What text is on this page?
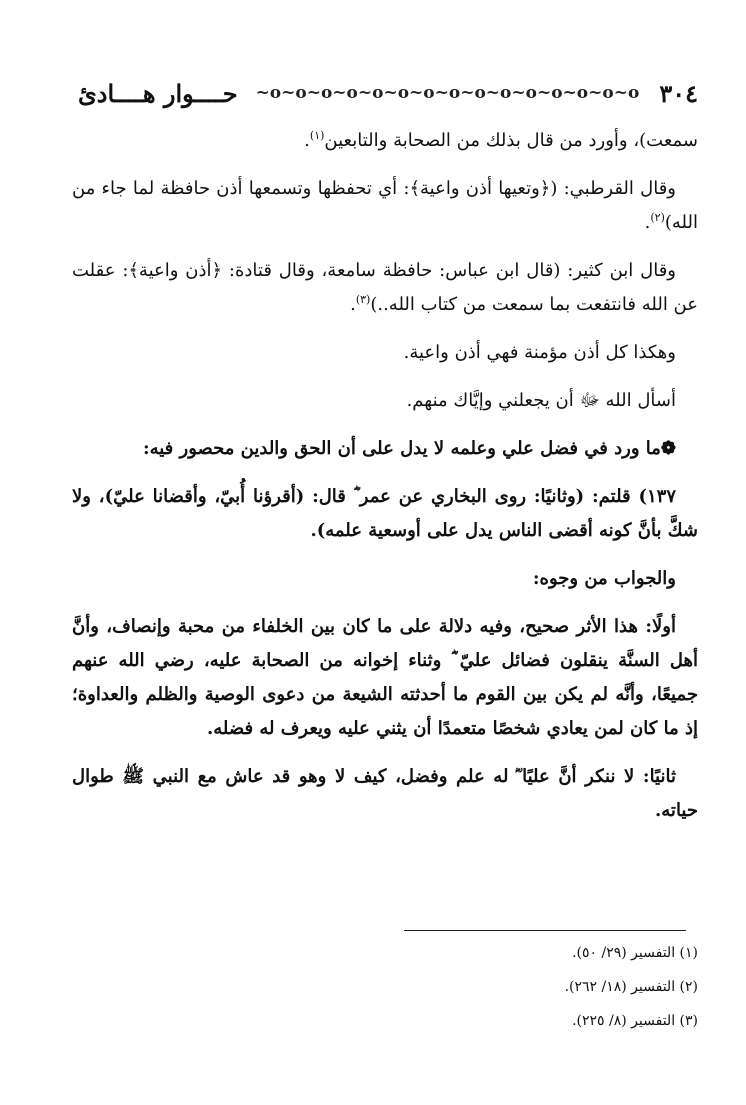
حــــوار هــــادئ	~o~o~o~o~o~o~o~o~o~o~o~o~o~o~o ٣٠٤

سمعت)، وأورد من قال بذلك من الصحابة والتابعين$^{(١)}$.

وقال القرطبي: (﴿وتعيها أذن واعية﴾: أي تحفظها وتسمعها أذن حافظة لما جاء من الله)$^{(٢)}$.

وقال ابن كثير: (قال ابن عباس: حافظة سامعة، وقال قتادة: ﴿أذن واعية﴾: عقلت عن الله فانتفعت بما سمعت من كتاب الله..)$^{(٣)}$.

وهكذا كل أذن مؤمنة فهي أذن واعية.

أسأل الله ﷻ أن يجعلني وإيَّاك منهم.

❁ما ورد في فضل علي وعلمه لا يدل على أن الحق والدين محصور فيه:

١٣٧) قلتم: (وثانيًا: روى البخاري عن عمر ؓ قال: (أقرؤنا أُبيّ، وأقضانا عليّ)، ولا شكَّ بأنَّ كونه أقضى الناس يدل على أوسعية علمه).

والجواب من وجوه:

أولًا: هذا الأثر صحيح، وفيه دلالة على ما كان بين الخلفاء من محبة وإنصاف، وأنَّ أهل السنَّة ينقلون فضائل عليّ ؓ وثناء إخوانه من الصحابة عليه، رضي الله عنهم جميعًا، وأنَّه لم يكن بين القوم ما أحدثته الشيعة من دعوى الوصية والظلم والعداوة؛ إذ ما كان لمن يعادي شخصًا متعمدًا أن يثني عليه ويعرف له فضله.

ثانيًا: لا ننكر أنَّ عليًا ؓ له علم وفضل، كيف لا وهو قد عاش مع النبي ﷺ طوال حياته.

(١) التفسير (٢٩/ ٥٠).
(٢) التفسير (١٨/ ٢٦٢).
(٣) التفسير (٨/ ٢٢٥).
